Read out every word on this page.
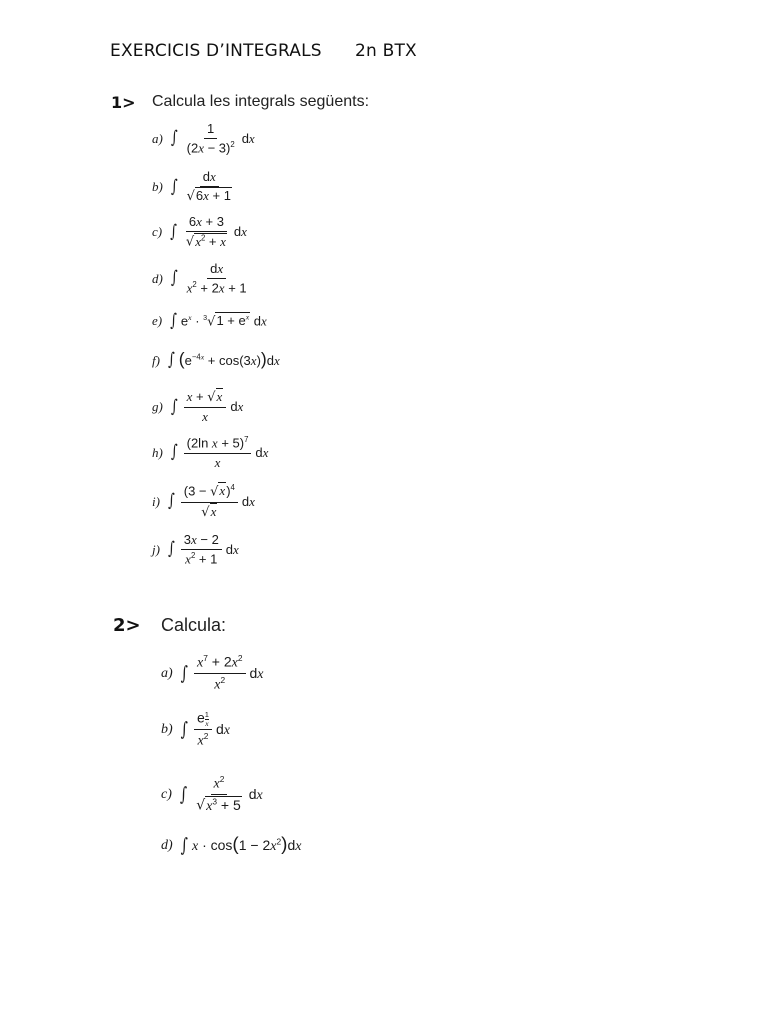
EXERCICIS D’INTEGRALS 2n BTX
1> Calcula les integrals següents:
a) ∫ $\frac{1}{(2x - 3)^2}$ dx
b) ∫ $\frac{dx}{√6x + 1}$
c) ∫ $\frac{6x + 3}{√x^2 + x}$ dx
d) ∫ $\frac{dx}{x^2 + 2x + 1}$
e) ∫ $e^x \cdot ^3√1 + e^x$ dx
f) ∫ $(e^{-4x} + \cos(3x))dx$
g) ∫ $\frac{x + √x}{x}$ dx
h) ∫ $\frac{(2\ln x + 5)^7}{x}$ dx
i) ∫ $\frac{(3 - √x)^4}{√x}$ dx
j) ∫ $\frac{3x - 2}{x^2 + 1}$ dx
2> Calcula:
a) ∫ $\frac{x^7 + 2x^2}{x^2}$ dx
b) ∫ e $^{\frac{1}{x}}$
$x^2$ dx
c) ∫ $\frac{x^2}{√x^3 + 5}$ dx
d) ∫ $x \cdot \cos(1 - 2x^2)dx$
